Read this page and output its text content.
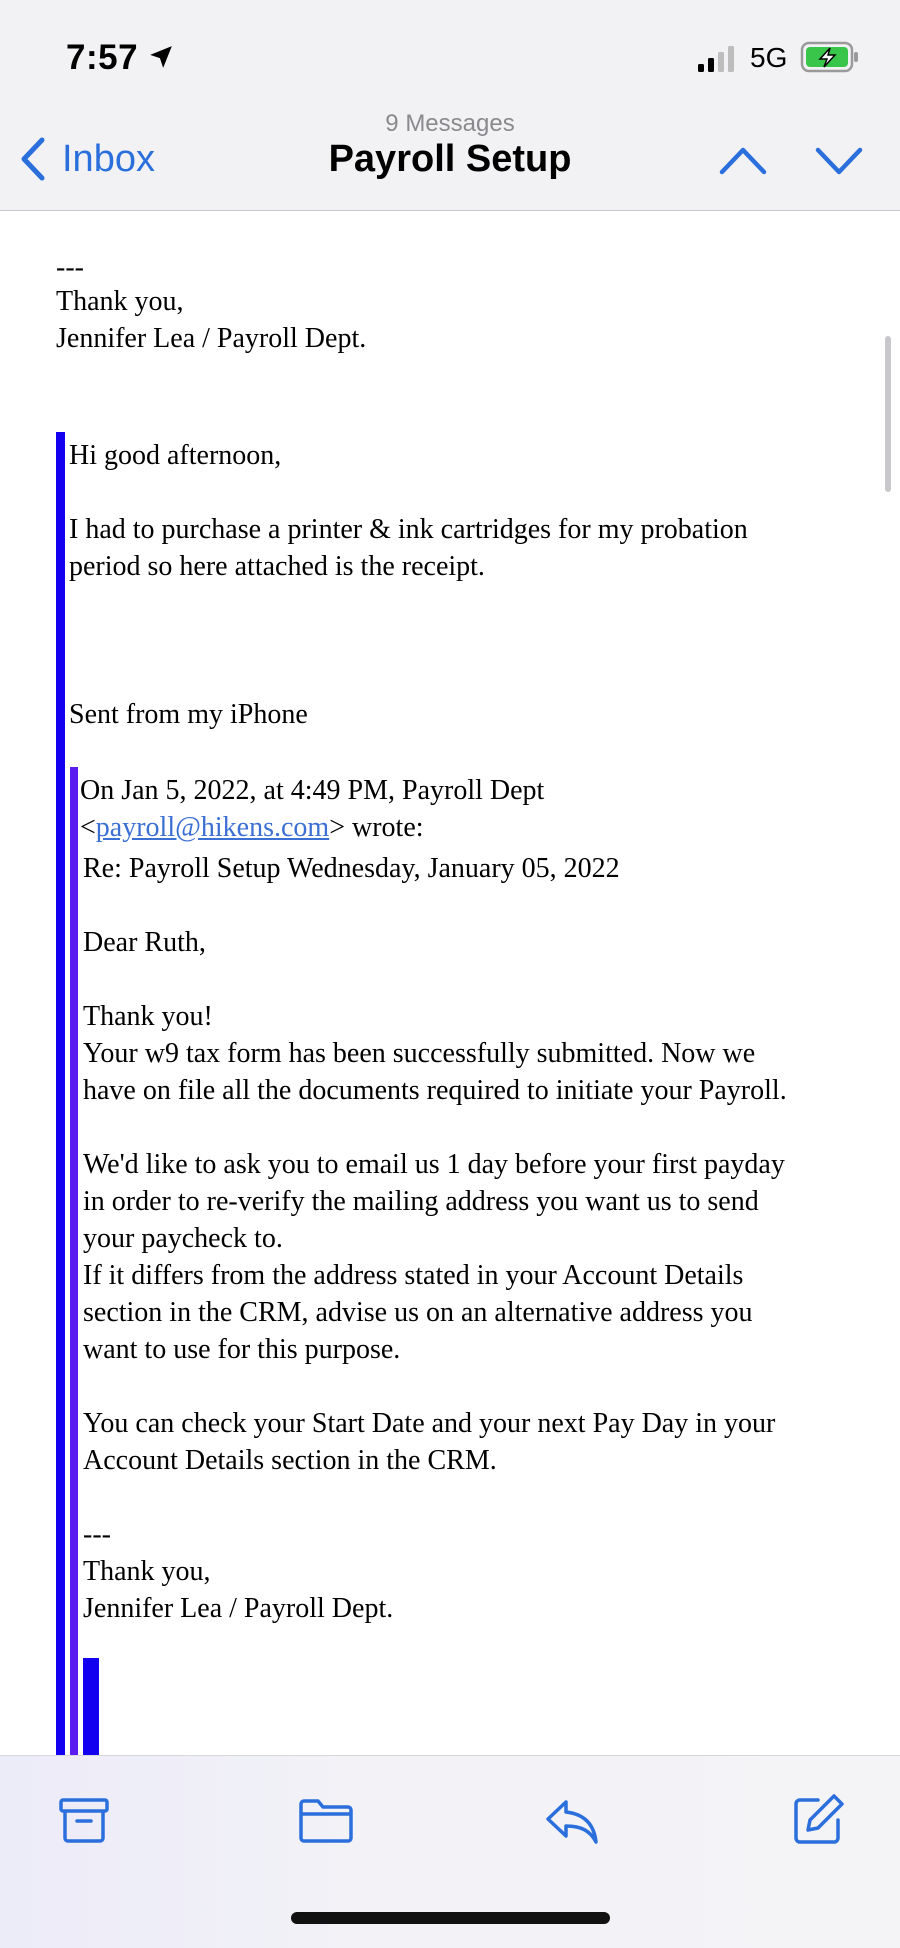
7:57	5G
9 Messages
Inbox	Payroll Setup
---
Thank you,
Jennifer Lea / Payroll Dept.
Hi good afternoon,
I had to purchase a printer & ink cartridges for my probation
period so here attached is the receipt.
Sent from my iPhone
On Jan 5, 2022, at 4:49 PM, Payroll Dept
<payroll@hikens.com> wrote:
Re: Payroll Setup Wednesday, January 05, 2022
Dear Ruth,
Thank you!
Your w9 tax form has been successfully submitted. Now we
have on file all the documents required to initiate your Payroll.
We'd like to ask you to email us 1 day before your first payday
in order to re-verify the mailing address you want us to send
your paycheck to.
If it differs from the address stated in your Account Details
section in the CRM, advise us on an alternative address you
want to use for this purpose.
You can check your Start Date and your next Pay Day in your
Account Details section in the CRM.
---
Thank you,
Jennifer Lea / Payroll Dept.
